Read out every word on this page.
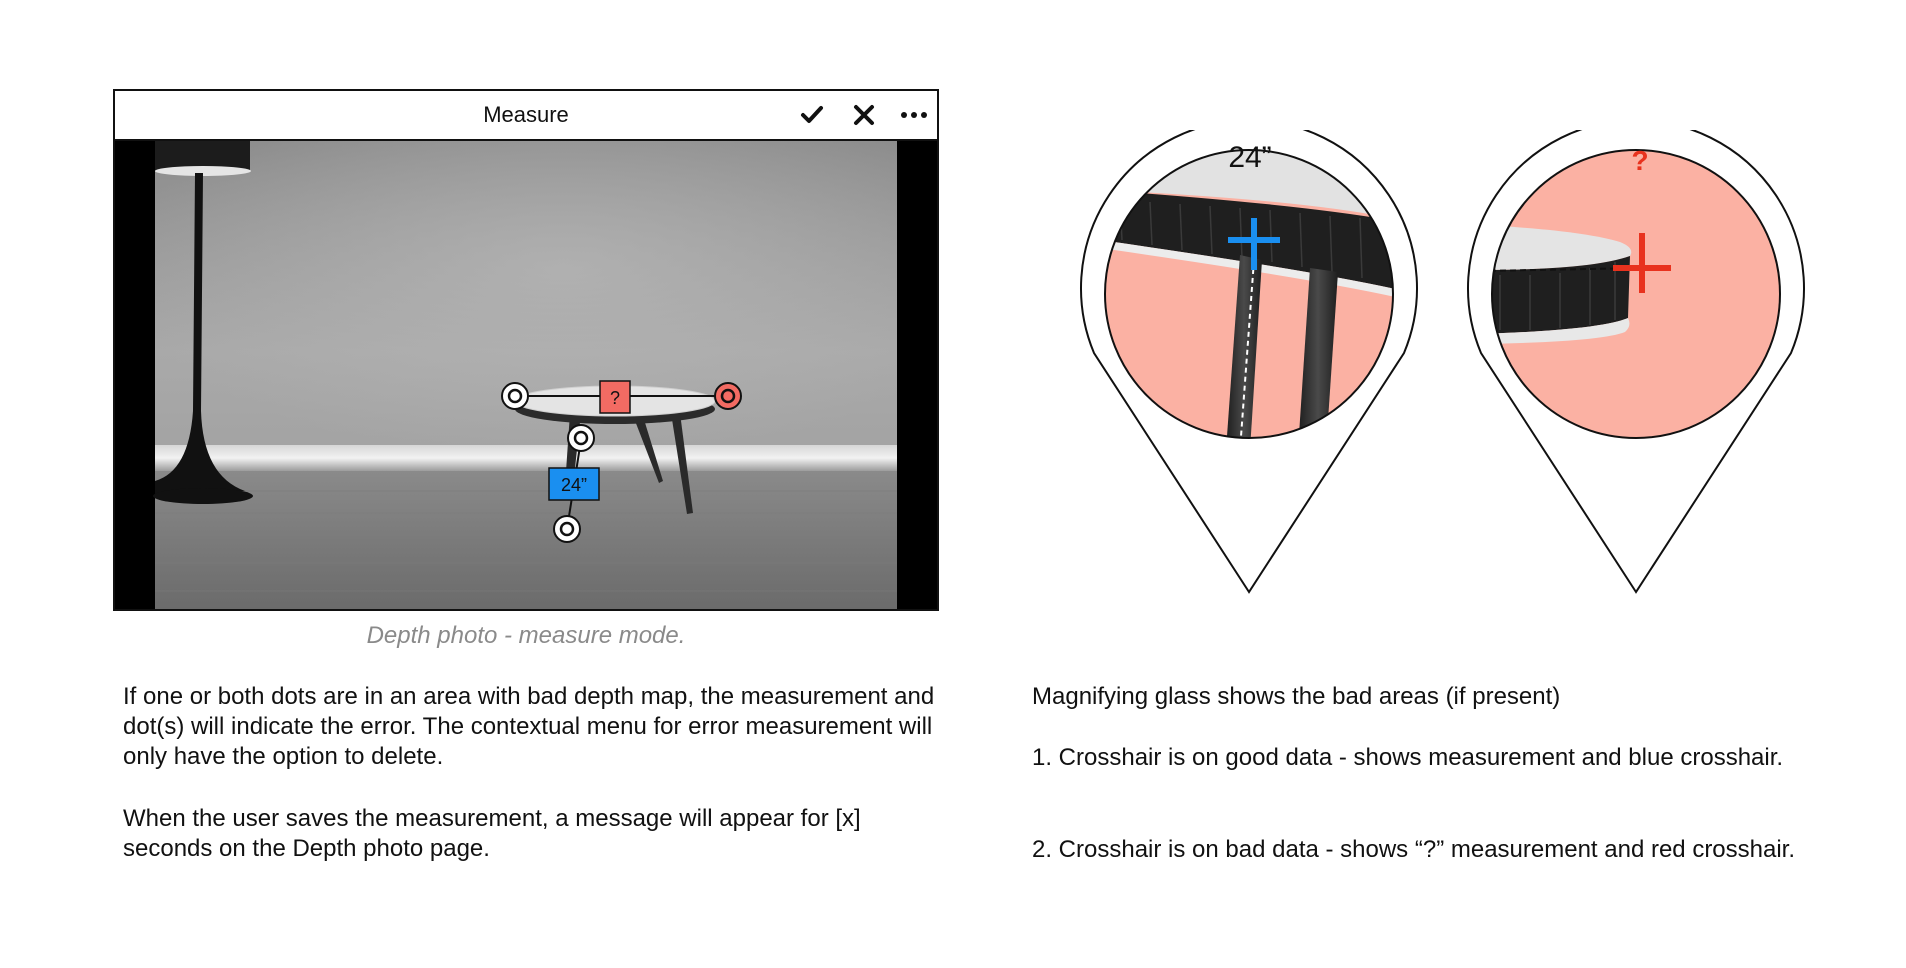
Measure
?
24”
Depth photo - measure mode.
If one or both dots are in an area with bad depth map, the measurement and dot(s) will indicate the error. The contextual menu for error measurement will only have the option to delete.
When the user saves the measurement, a message will appear for [x] seconds on the Depth photo page.
24”	?
Magnifying glass shows the bad areas (if present)
1. Crosshair is on good data - shows measurement and blue crosshair.
2. Crosshair is on bad data - shows “?” measurement and red crosshair.
